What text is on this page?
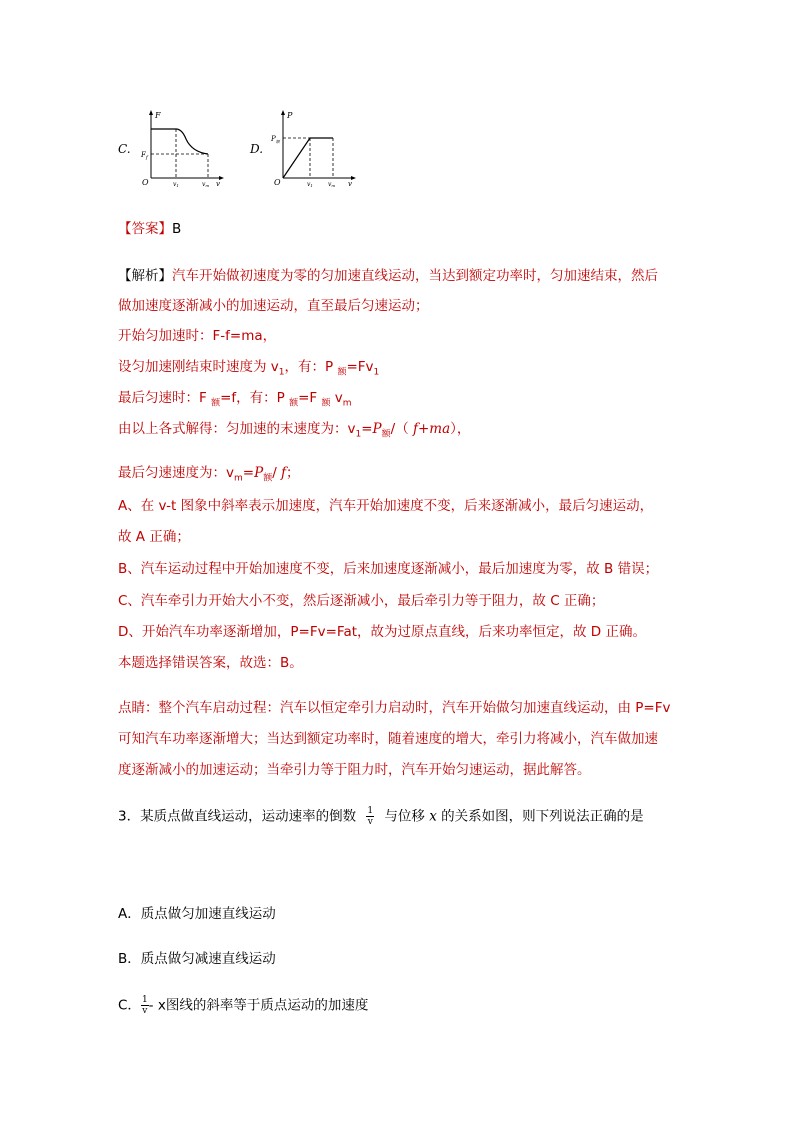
C.
F
$F_f$
O	v1	vm v
D.
P
$P_额$
O	v1	vm v
【答案】B
【解析】汽车开始做初速度为零的匀加速直线运动，当达到额定功率时，匀加速结束，然后
做加速度逐渐减小的加速运动，直至最后匀速运动；
开始匀加速时：F-f=ma，
设匀加速刚结束时速度为 $v_1$，有：P $_额=Fv_1$
最后匀速时：F $_额$=f，有：P $_额$=F $_额$ $v_m$
由以上各式解得：匀加速的末速度为：$v_1=P_额/$（ f+ma），
最后匀速速度为：$v_m=P_额/$ f；
A、在 v-t 图象中斜率表示加速度，汽车开始加速度不变，后来逐渐减小，最后匀速运动，
故 A 正确；
B、汽车运动过程中开始加速度不变，后来加速度逐渐减小，最后加速度为零，故 B 错误；
C、汽车牵引力开始大小不变，然后逐渐减小，最后牵引力等于阻力，故 C 正确；
D、开始汽车功率逐渐增加，P=Fv=Fat，故为过原点直线，后来功率恒定，故 D 正确。
本题选择错误答案，故选：B。
点睛：整个汽车启动过程：汽车以恒定牵引力启动时，汽车开始做匀加速直线运动，由 P=Fv
可知汽车功率逐渐增大；当达到额定功率时，随着速度的增大，牵引力将减小，汽车做加速
度逐渐减小的加速运动；当牵引力等于阻力时，汽车开始匀速运动，据此解答。
3．某质点做直线运动，运动速率的倒数 $\frac{1}{v}$ 与位移 x 的关系如图，则下列说法正确的是
A．质点做匀加速直线运动
B．质点做匀减速直线运动
C． $\frac{1}{v}$ - x图线的斜率等于质点运动的加速度
